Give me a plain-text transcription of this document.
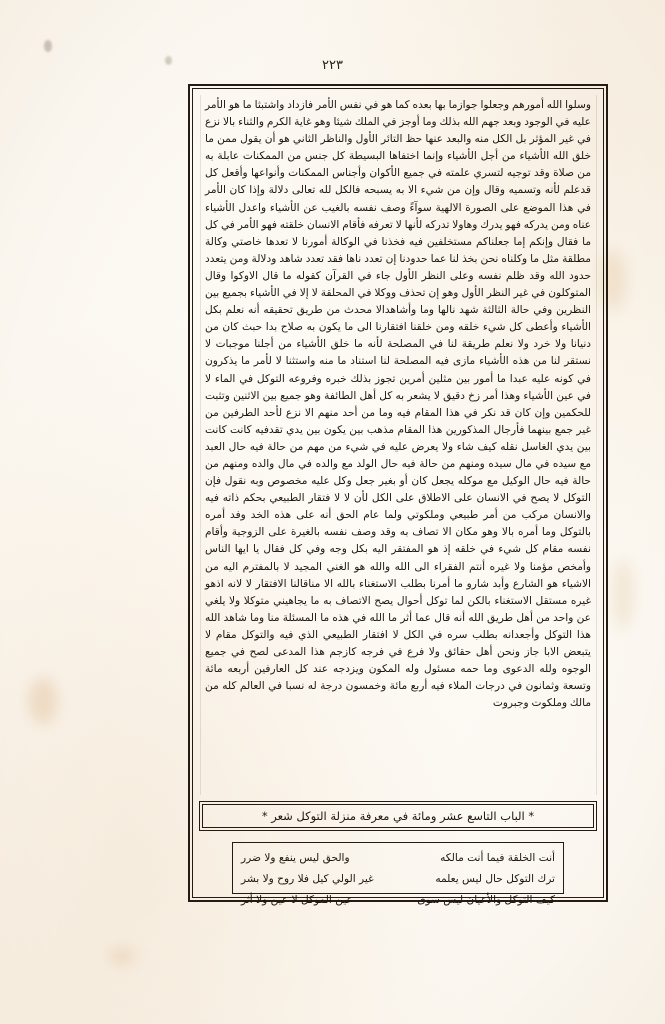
٢٢٣

وسلوا الله أمورهم وجعلوا جوازما بها بعده كما هو في نفس الأمر فازداد واشتبثا ما هو الأمر عليه في الوجود وبعد جهم الله بذلك وما أوجز في الملك شيئا وهو غاية الكرم والثناء بالا نزع في غير المؤثر بل الكل منه والبعد عنها حظ التائر الأول والناظر الثاني هو أن يقول ممن ما خلق الله الأشياء من أجل الأشياء وإنما اختفاها البسيطة كل جنس من الممكنات عابلة به من صلاة وقد توجيه لتسري علمته في جميع الأكوان وأجناس الممكنات وأنواعها وأقعل كل قدعلم لأنه وتسميه وقال وإن من شيء الا به يسبحه فالكل لله تعالى دلالة وإذا كان الأمر في هذا الموضع على الصورة الالهية سوآءً وصف نفسه بالغيب عن الأشياء واعدل الأشياء عناه ومن يدركه فهو يدرك وهاولا تدركه لأنها لا تعرفه فأقام الانسان خلقته فهو الأمر في كل ما فقال وإنكم إما جعلناكم مستخلفين فيه فخذنا في الوكالة أمورنا لا تعدها خاصتي وكالة مطلقة مثل ما وكلناه نحن بخذ لنا عما حدودنا إن تعدد ناها فقد تعدد شاهد ودلالة ومن يتعدد حدود الله وقد ظلم نفسه وعلى النظر الأول جاء في القرآن كقوله ما قال الاوكوا وقال المتوكلون في غير النظر الأول وهو إن تحذف ووكلا في المحلقة لا إلا في الأشياء بجميع بين النظرين وفي حالة الثالثة شهد نالها وما وأشاهدالا محدث من طريق تحقيقه أنه نعلم بكل الأشياء وأعطى كل شيء خلقه ومن خلقنا افتقارنا الى ما يكون به صلاح بدا حبث كان من دنيانا ولا خرد ولا نعلم طريقة لنا في المصلحة لأنه ما خلق الأشياء من أجلنا موجبات لا نستقر لنا من هذه الأشياء مازى فيه المصلحة لنا استناد ما منه واستثنا لا لأمر ما يذكرون في كونه عليه عبدا ما أمور بين مثلين أمرين تجوز بذلك خبره وفروعه التوكل في الماء لا في عين الأشياء وهذا أمر زخ دقيق لا يشعر به كل أهل الطائفة وهو جميع بين الاثنين وتثبت للحكمين وإن كان قد نكر في هذا المقام فيه وما من أحد منهم الا نزع لأحد الطرفين من غير جمع بينهما فأرجال المذكورين هذا المقام مذهب بين يكون بين يدي تقدفيه كانت كانت بين يدي الغاسل نقله كيف شاء ولا يعرض عليه في شيء من مهم من حالة فيه حال العبد مع سيده في مال سيده ومنهم من حالة فيه حال الولد مع والده في مال والده ومنهم من حالة فيه حال الوكيل مع موكله يجعل كان أو بغير جعل وكل عليه مخصوص وبه نقول فإن التوكل لا يصح في الانسان على الاطلاق على الكل لأن لا لا فتقار الطبيعي بحكم ذاته فيه والانسان مركب من أمر طبيعي وملكوتي ولما عام الحق أنه على هذه الخد وفد أمره بالتوكل وما أمره بالا وهو مكان الا تصاف به وقد وصف نفسه بالغيرة على الزوجية وأقام نفسه مقام كل شيء في خلقه إذ هو المفتقر اليه بكل وجه وفي كل فقال يا ايها الناس وأمخص مؤمنا ولا غيره أنتم الفقراء الى الله والله هو الغني المجيد لا بالمفترم اليه من الاشياء هو الشارع وأبد شارو ما أمرنا بطلب الاستغناء بالله الا مناقالنا الافتقار لا لانه اذهو غيره مستقل الاستغناء بالكن لما توكل أحوال يصح الاتصاف به ما يجاهيني متوكلا ولا يلغي عن واحد من أهل طريق الله أنه قال عما أثر ما الله في هذه ما المسئلة منا وما شاهد الله هذا التوكل وأجعدانه بطلب سره في الكل لا افتقار الطبيعي الذي فيه والتوكل مقام لا يتبعض الابا جاز ونحن أهل حقائق ولا فرع في فرجه كازجم هذا المدعى لصح في جميع الوجوه ولله الدعوى وما حمه مسئول وله المكون ويزدجه عند كل العارفين أربعه مائة وتسعة وثمانون في درجات الملاء فيه أربع مائة وخمسون درجة له نسبا في العالم كله من مالك وملكوت وجبروت

* الباب التاسع عشر ومائة في معرفة منزلة التوكل شعر *
أنت الخلقة فيما أنت مالكه
والحق ليس ينفع ولا ضرر
ترك التوكل حال ليس يعلمه
غير الولي كيل فلا روح ولا بشر
كيف التوكل والأعيان ليس سوى
عين الموكل لا عين ولا أثر
